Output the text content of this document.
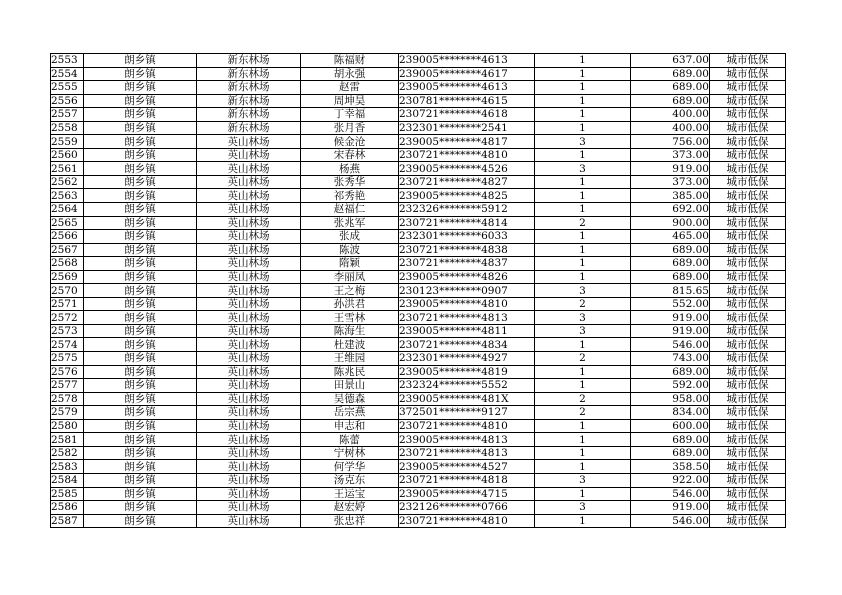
2553	朗乡镇	新东林场	陈福财	239005********4613	1	637.00	城市低保
2554	朗乡镇	新东林场	胡永强	239005********4617	1	689.00	城市低保
2555	朗乡镇	新东林场	赵雷	239005********4613	1	689.00	城市低保
2556	朗乡镇	新东林场	周坤昊	230781********4615	1	689.00	城市低保
2557	朗乡镇	新东林场	丁幸福	230721********4618	1	400.00	城市低保
2558	朗乡镇	新东林场	张月香	232301********2541	1	400.00	城市低保
2559	朗乡镇	英山林场	候金沧	239005********4817	3	756.00	城市低保
2560	朗乡镇	英山林场	宋春林	230721********4810	1	373.00	城市低保
2561	朗乡镇	英山林场	杨燕	239005********4526	3	919.00	城市低保
2562	朗乡镇	英山林场	张秀华	230721********4827	1	373.00	城市低保
2563	朗乡镇	英山林场	祁秀艳	239005********4825	1	385.00	城市低保
2564	朗乡镇	英山林场	赵福仁	232326********5912	1	692.00	城市低保
2565	朗乡镇	英山林场	张兆军	230721********4814	2	900.00	城市低保
2566	朗乡镇	英山林场	张成	232301********6033	1	465.00	城市低保
2567	朗乡镇	英山林场	陈波	230721********4838	1	689.00	城市低保
2568	朗乡镇	英山林场	隋颖	230721********4837	1	689.00	城市低保
2569	朗乡镇	英山林场	李丽凤	239005********4826	1	689.00	城市低保
2570	朗乡镇	英山林场	王之梅	230123********0907	3	815.65	城市低保
2571	朗乡镇	英山林场	孙洪君	239005********4810	2	552.00	城市低保
2572	朗乡镇	英山林场	王雪林	230721********4813	3	919.00	城市低保
2573	朗乡镇	英山林场	陈海生	239005********4811	3	919.00	城市低保
2574	朗乡镇	英山林场	杜建波	230721********4834	1	546.00	城市低保
2575	朗乡镇	英山林场	王维园	232301********4927	2	743.00	城市低保
2576	朗乡镇	英山林场	陈兆民	239005********4819	1	689.00	城市低保
2577	朗乡镇	英山林场	田景山	232324********5552	1	592.00	城市低保
2578	朗乡镇	英山林场	吴德森	239005********481X	2	958.00	城市低保
2579	朗乡镇	英山林场	岳宗燕	372501********9127	2	834.00	城市低保
2580	朗乡镇	英山林场	申志和	230721********4810	1	600.00	城市低保
2581	朗乡镇	英山林场	陈蕾	239005********4813	1	689.00	城市低保
2582	朗乡镇	英山林场	宁树林	230721********4813	1	689.00	城市低保
2583	朗乡镇	英山林场	何学华	239005********4527	1	358.50	城市低保
2584	朗乡镇	英山林场	汤克东	230721********4818	3	922.00	城市低保
2585	朗乡镇	英山林场	王运宝	239005********4715	1	546.00	城市低保
2586	朗乡镇	英山林场	赵宏婷	232126********0766	3	919.00	城市低保
2587	朗乡镇	英山林场	张忠祥	230721********4810	1	546.00	城市低保
